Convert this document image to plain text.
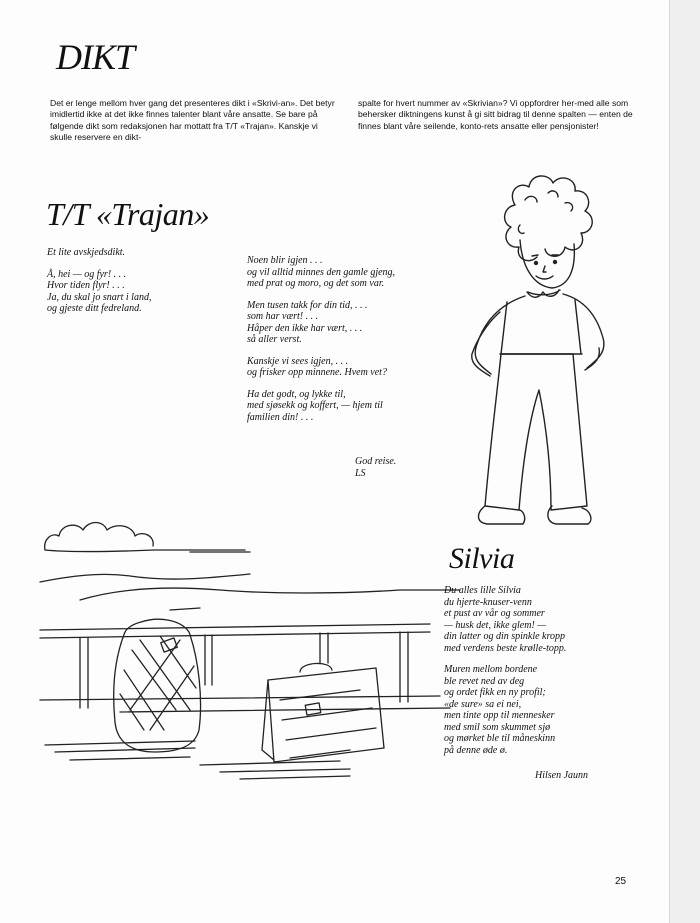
DIKT

Det er lenge mellom hver gang det presenteres dikt i «Skrivi-an». Det betyr imidlertid ikke at det ikke finnes talenter blant våre ansatte. Se bare på følgende dikt som redaksjonen har mottatt fra T/T «Trajan». Kanskje vi skulle reservere en dikt-

spalte for hvert nummer av «Skrivian»? Vi oppfordrer her-med alle som behersker diktningens kunst å gi sitt bidrag til denne spalten — enten de finnes blant våre seilende, konto-rets ansatte eller pensjonister!

T/T «Trajan»

Et lite avskjedsdikt.

Å, hei — og fyr! . . .
Hvor tiden flyr! . . .
Ja, du skal jo snart i land,
og gjeste ditt fedreland.

Noen blir igjen . . .
og vil alltid minnes den gamle gjeng,
med prat og moro, og det som var.

Men tusen takk for din tid, . . .
som har vært! . . .
Håper den ikke har vært, . . .
så aller verst.

Kanskje vi sees igjen, . . .
og frisker opp minnene. Hvem vet?

Ha det godt, og lykke til,
med sjøsekk og koffert, — hjem til
familien din! . . .

God reise.
LS
Silvia

Du alles lille Silvia
du hjerte-knuser-venn
et pust av vår og sommer
— husk det, ikke glem! —
din latter og din spinkle kropp
med verdens beste krølle-topp.

Muren mellom bordene
ble revet ned av deg
og ordet fikk en ny profil;
«de sure» sa ei nei,
men tinte opp til mennesker
med smil som skummet sjø
og mørket ble til måneskinn
på denne øde ø.

Hilsen Jaunn
25
